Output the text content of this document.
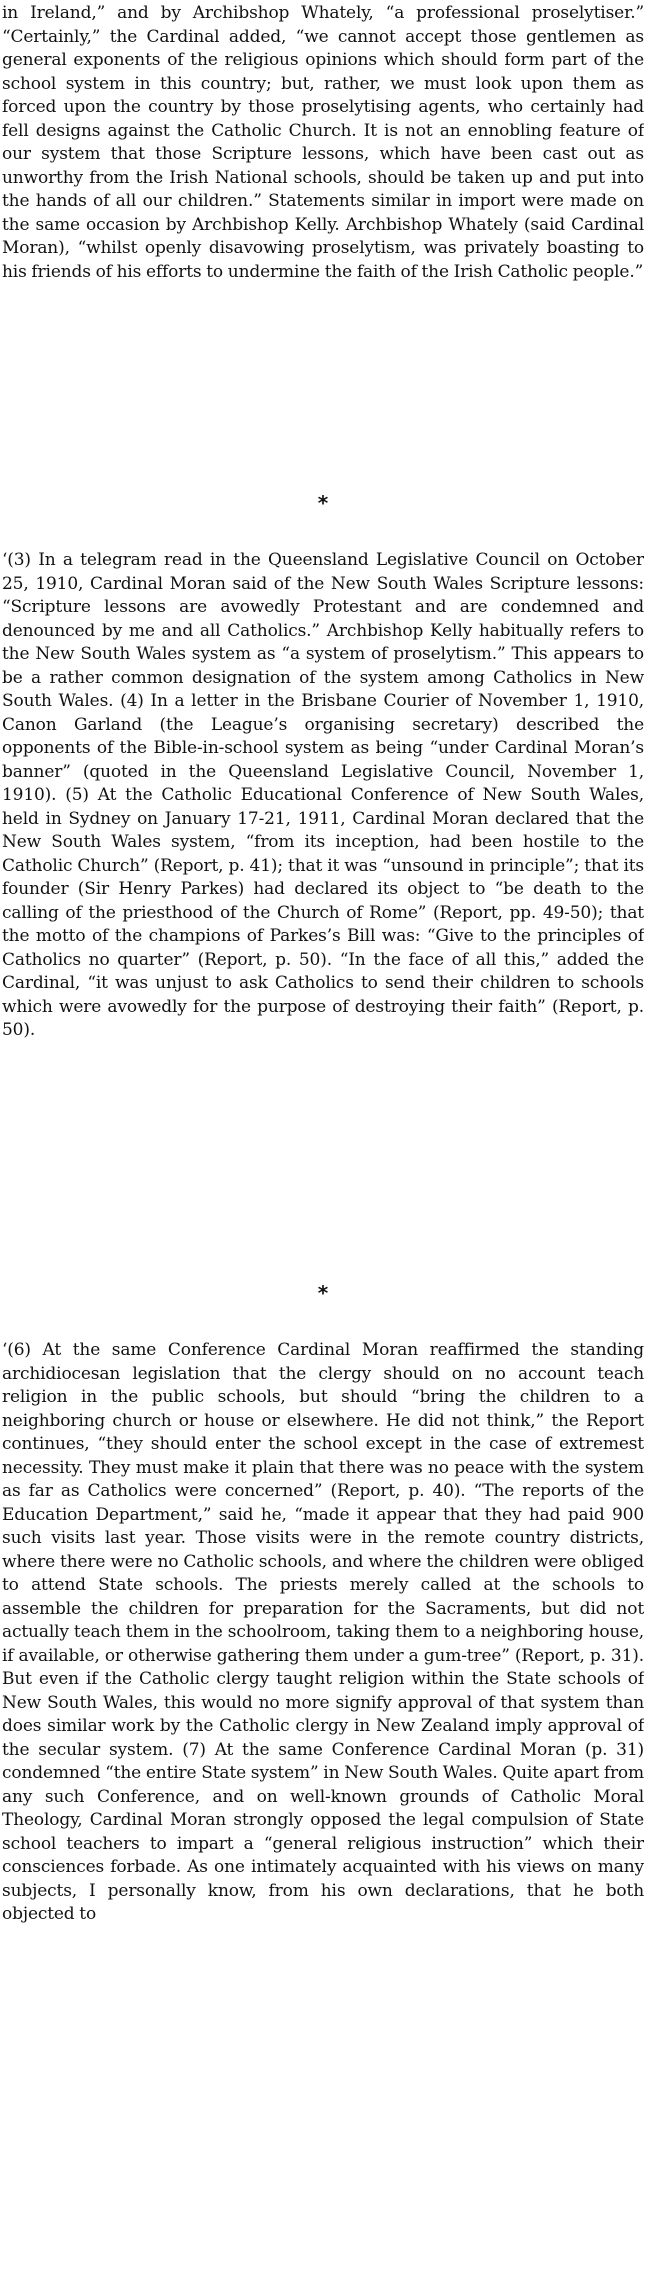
in Ireland,” and by Archibshop Whately, “a professional proselytiser.” “Certainly,” the Cardinal added, “we cannot accept those gentlemen as general exponents of the religious opinions which should form part of the school system in this country; but, rather, we must look upon them as forced upon the country by those proselytising agents, who certainly had fell designs against the Catholic Church. It is not an ennobling feature of our system that those Scripture lessons, which have been cast out as unworthy from the Irish National schools, should be taken up and put into the hands of all our children.” Statements similar in import were made on the same occasion by Archbishop Kelly. Archbishop Whately (said Cardinal Moran), “whilst openly disavowing proselytism, was privately boasting to his friends of his efforts to undermine the faith of the Irish Catholic people.”

*

‘(3) In a telegram read in the Queensland Legislative Council on October 25, 1910, Cardinal Moran said of the New South Wales Scripture lessons: “Scripture lessons are avowedly Protestant and are condemned and denounced by me and all Catholics.” Archbishop Kelly habitually refers to the New South Wales system as “a system of proselytism.” This appears to be a rather common designation of the system among Catholics in New South Wales. (4) In a letter in the Brisbane Courier of November 1, 1910, Canon Garland (the League’s organising secretary) described the opponents of the Bible-in-school system as being “under Cardinal Moran’s banner” (quoted in the Queensland Legislative Council, November 1, 1910). (5) At the Catholic Educational Conference of New South Wales, held in Sydney on January 17-21, 1911, Cardinal Moran declared that the New South Wales system, “from its inception, had been hostile to the Catholic Church” (Report, p. 41); that it was “unsound in principle”; that its founder (Sir Henry Parkes) had declared its object to “be death to the calling of the priesthood of the Church of Rome” (Report, pp. 49-50); that the motto of the champions of Parkes’s Bill was: “Give to the principles of Catholics no quarter” (Report, p. 50). “In the face of all this,” added the Cardinal, “it was unjust to ask Catholics to send their children to schools which were avowedly for the purpose of destroying their faith” (Report, p. 50).

*

‘(6) At the same Conference Cardinal Moran reaffirmed the standing archidiocesan legislation that the clergy should on no account teach religion in the public schools, but should “bring the children to a neighboring church or house or elsewhere. He did not think,” the Report continues, “they should enter the school except in the case of extremest necessity. They must make it plain that there was no peace with the system as far as Catholics were concerned” (Report, p. 40). “The reports of the Education Department,” said he, “made it appear that they had paid 900 such visits last year. Those visits were in the remote country districts, where there were no Catholic schools, and where the children were obliged to attend State schools. The priests merely called at the schools to assemble the children for preparation for the Sacraments, but did not actually teach them in the schoolroom, taking them to a neighboring house, if available, or otherwise gathering them under a gum-tree” (Report, p. 31). But even if the Catholic clergy taught religion within the State schools of New South Wales, this would no more signify approval of that system than does similar work by the Catholic clergy in New Zealand imply approval of the secular system. (7) At the same Conference Cardinal Moran (p. 31) condemned “the entire State system” in New South Wales. Quite apart from any such Conference, and on well-known grounds of Catholic Moral Theology, Cardinal Moran strongly opposed the legal compulsion of State school teachers to impart a “general religious instruction” which their consciences forbade. As one intimately acquainted with his views on many subjects, I personally know, from his own declarations, that he both objected to
